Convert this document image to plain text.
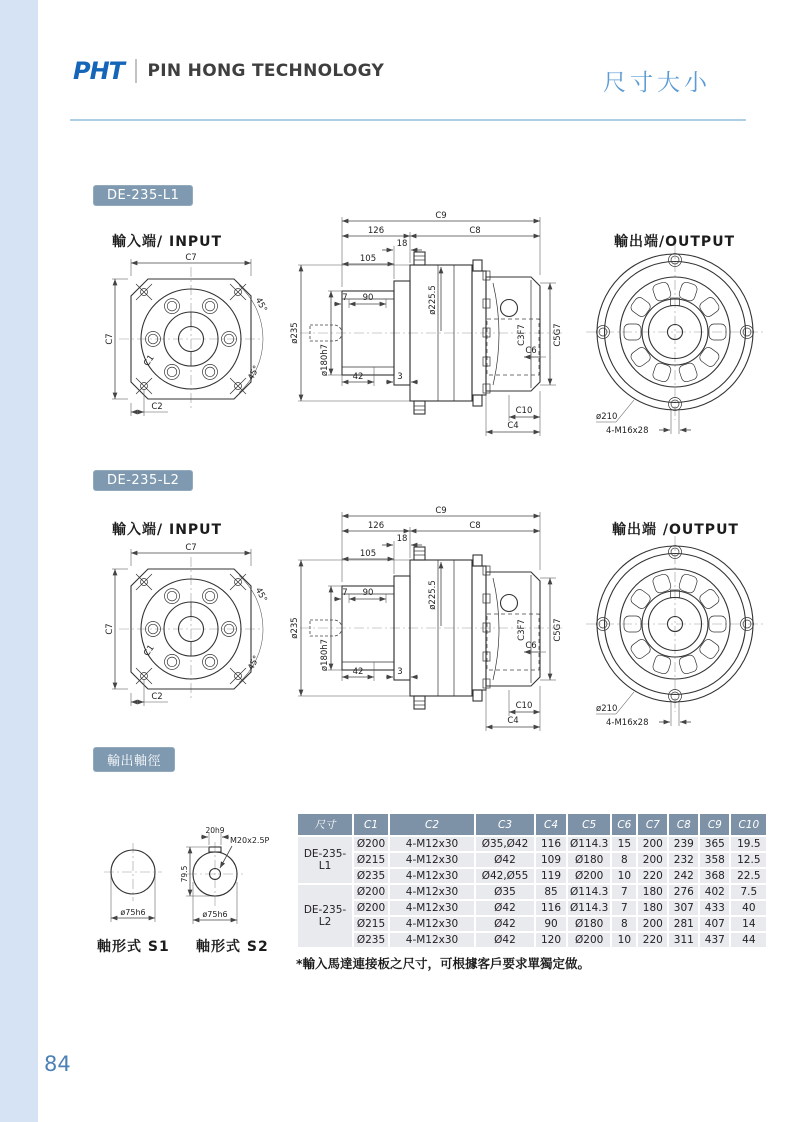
PHT PIN HONG TECHNOLOGY	尺寸大小
DE-235-L1
輸入端/ INPUT	輸出端/OUTPUT
DE-235-L2
輸入端/ INPUT	輸出端 /OUTPUT
輸出軸徑
軸形式 S1 軸形式 S2
尺寸	C1	C2	C3	C4	C5	C6	C7	C8	C9	C10
DE-235-L1	Ø200	4-M12x30	Ø35,Ø42	116	Ø114.3	15	200	239	365	19.5
	Ø215	4-M12x30	Ø42	109	Ø180	8	200	232	358	12.5
	Ø235	4-M12x30	Ø42,Ø55	119	Ø200	10	220	242	368	22.5
DE-235-L2	Ø200	4-M12x30	Ø35	85	Ø114.3	7	180	276	402	7.5
	Ø200	4-M12x30	Ø42	116	Ø114.3	7	180	307	433	40
	Ø215	4-M12x30	Ø42	90	Ø180	8	200	281	407	14
	Ø235	4-M12x30	Ø42	120	Ø200	10	220	311	437	44
*輸入馬達連接板之尺寸，可根據客戶要求單獨定做。
84
